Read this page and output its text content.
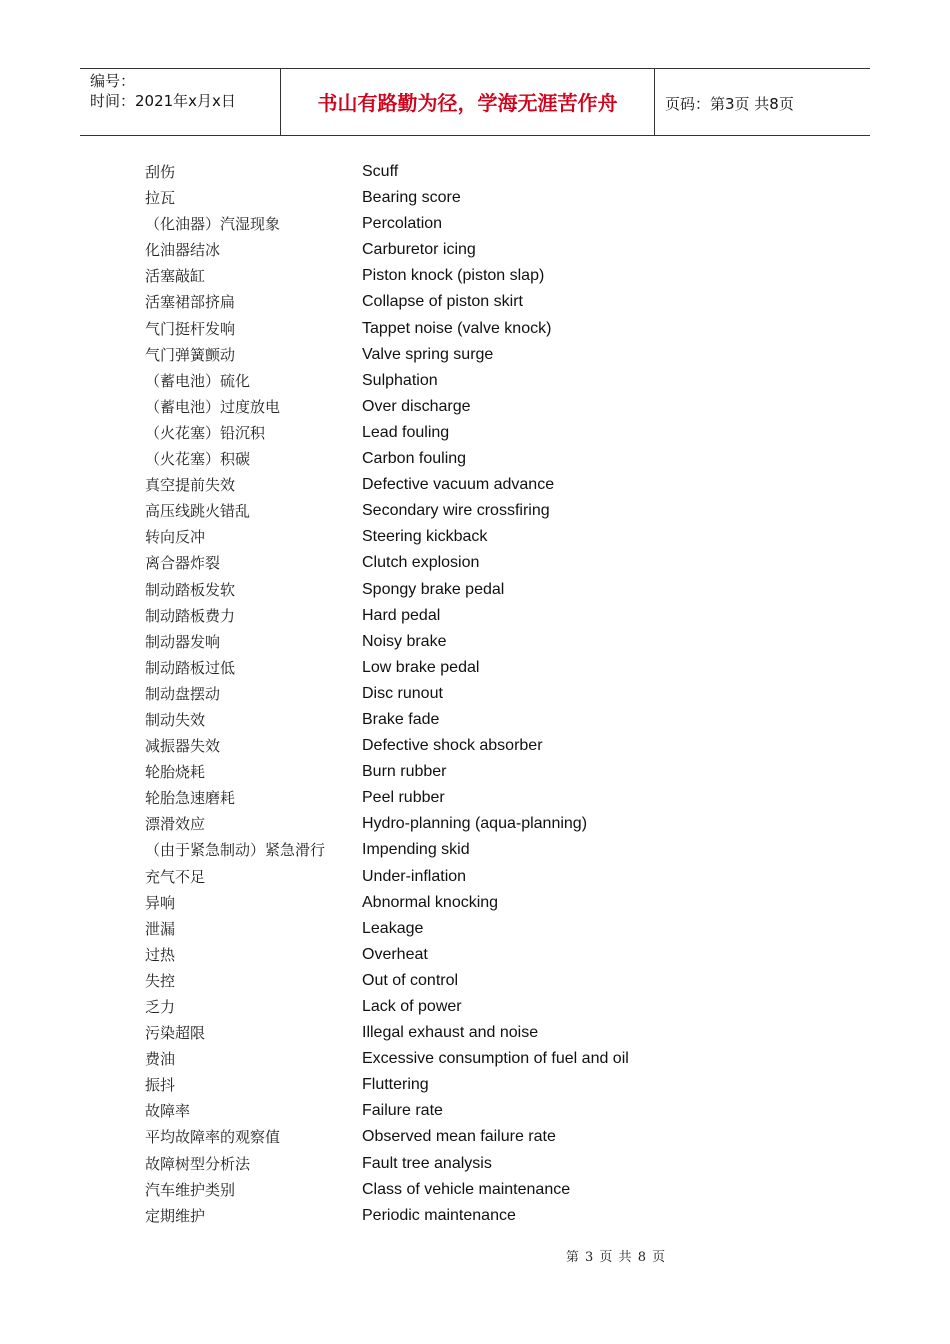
编号：
时间：2021年x月x日	书山有路勤为径，学海无涯苦作舟	页码：第3页 共8页
刮伤	Scuff
拉瓦	Bearing score
（化油器）汽湿现象	Percolation
化油器结冰	Carburetor icing
活塞敲缸	Piston knock (piston slap)
活塞裙部挤扁	Collapse of piston skirt
气门挺杆发响	Tappet noise (valve knock)
气门弹簧颤动	Valve spring surge
（蓄电池）硫化	Sulphation
（蓄电池）过度放电	Over discharge
（火花塞）铅沉积	Lead fouling
（火花塞）积碳	Carbon fouling
真空提前失效	Defective vacuum advance
高压线跳火错乱	Secondary wire crossfiring
转向反冲	Steering kickback
离合器炸裂	Clutch explosion
制动踏板发软	Spongy brake pedal
制动踏板费力	Hard pedal
制动器发响	Noisy brake
制动踏板过低	Low brake pedal
制动盘摆动	Disc runout
制动失效	Brake fade
减振器失效	Defective shock absorber
轮胎烧耗	Burn rubber
轮胎急速磨耗	Peel rubber
漂滑效应	Hydro-planning (aqua-planning)
（由于紧急制动）紧急滑行 Impending skid
充气不足	Under-inflation
异响	Abnormal knocking
泄漏	Leakage
过热	Overheat
失控	Out of control
乏力	Lack of power
污染超限	Illegal exhaust and noise
费油	Excessive consumption of fuel and oil
振抖	Fluttering
故障率	Failure rate
平均故障率的观察值	Observed mean failure rate
故障树型分析法	Fault tree analysis
汽车维护类别	Class of vehicle maintenance
定期维护	Periodic maintenance
第 3 页 共 8 页
